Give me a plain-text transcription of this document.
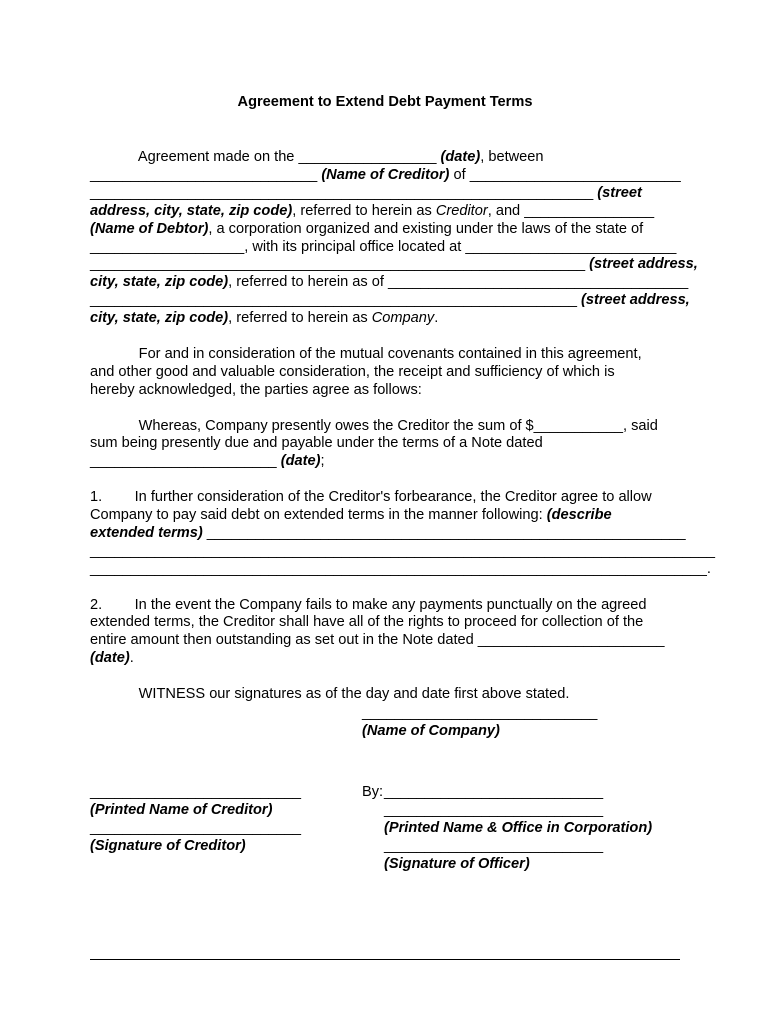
Agreement to Extend Debt Payment Terms
Agreement made on the _________________ (date), between
____________________________ (Name of Creditor) of __________________________
______________________________________________________________ (street
address, city, state, zip code), referred to herein as Creditor, and ________________
(Name of Debtor), a corporation organized and existing under the laws of the state of
___________________, with its principal office located at __________________________
_____________________________________________________________ (street address,
city, state, zip code), referred to herein as of _____________________________________
____________________________________________________________ (street address,
city, state, zip code), referred to herein as Company.
For and in consideration of the mutual covenants contained in this agreement,
and other good and valuable consideration, the receipt and sufficiency of which is
hereby acknowledged, the parties agree as follows:
Whereas, Company presently owes the Creditor the sum of $___________, said
sum being presently due and payable under the terms of a Note dated
_______________________ (date);
1.        In further consideration of the Creditor's forbearance, the Creditor agree to allow
Company to pay said debt on extended terms in the manner following: (describe
extended terms) ___________________________________________________________
_____________________________________________________________________________
____________________________________________________________________________.
2.        In the event the Company fails to make any payments punctually on the agreed
extended terms, the Creditor shall have all of the rights to proceed for collection of the
entire amount then outstanding as set out in the Note dated _______________________
(date).
WITNESS our signatures as of the day and date first above stated.
_____________________________
(Name of Company)
__________________________
(Printed Name of Creditor)
__________________________
(Signature of Creditor)
By: ___________________________
___________________________
(Printed Name & Office in Corporation)
___________________________
(Signature of Officer)
